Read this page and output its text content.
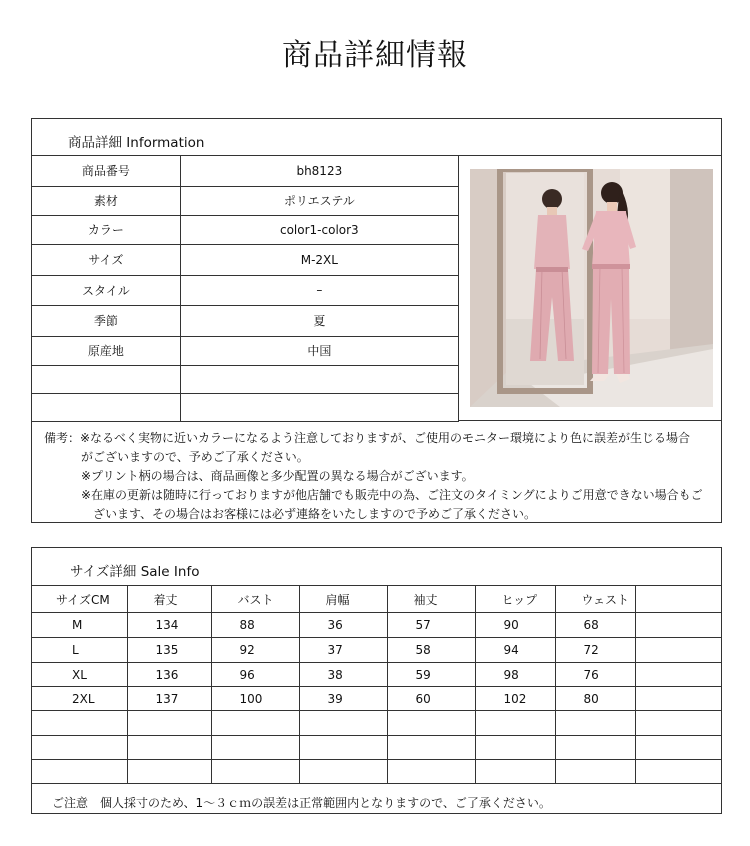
商品詳細情報
商品詳細 Information
商品番号	bh8123
素材	ポリエステル
カラー	color1-color3
サイズ	M-2XL
スタイル	–
季節	夏
原産地	中国

備考：※なるべく実物に近いカラーになるよう注意しておりますが、ご使用のモニター環境により色に誤差が生じる場合
がございますので、予めご了承ください。
※プリント柄の場合は、商品画像と多少配置の異なる場合がございます。
※在庫の更新は随時に行っておりますが他店舗でも販売中の為、ご注文のタイミングによりご用意できない場合もご
ざいます、その場合はお客様には必ず連絡をいたしますので予めご了承ください。
サイズ詳細 Sale Info
サイズCM	着丈	バスト	肩幅	袖丈	ヒップ	ウェスト	
M	134	88	36	57	90	68	
L	135	92	37	58	94	72	
XL	136	96	38	59	98	76	
2XL	137	100	39	60	102	80	

ご注意　個人採寸のため、1～３ｃｍの誤差は正常範囲内となりますので、ご了承ください。
